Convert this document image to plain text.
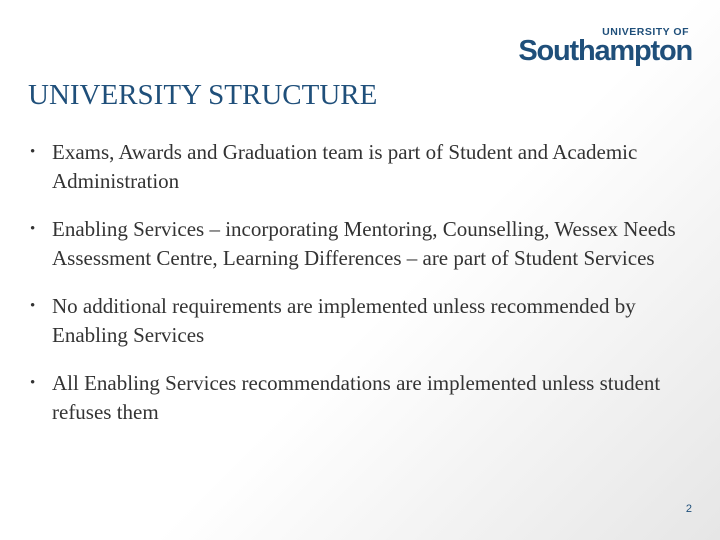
UNIVERSITY OF
Southampton
UNIVERSITY STRUCTURE
• Exams, Awards and Graduation team is part of Student and Academic Administration
• Enabling Services – incorporating Mentoring, Counselling, Wessex Needs Assessment Centre, Learning Differences – are part of Student Services
• No additional requirements are implemented unless recommended by Enabling Services
• All Enabling Services recommendations are implemented unless student refuses them
2
